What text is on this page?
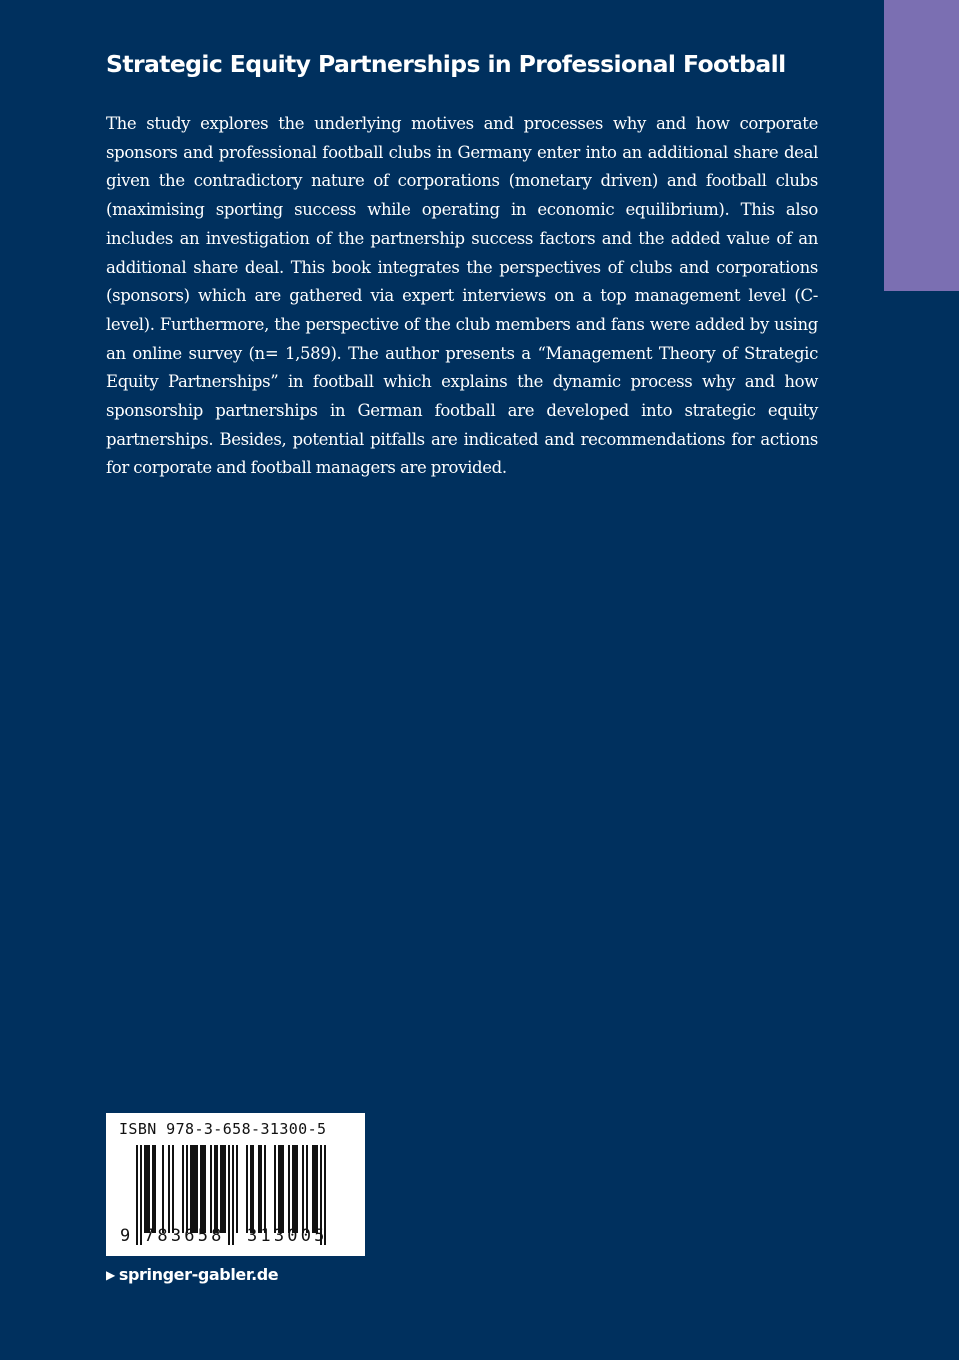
Strategic Equity Partnerships in Professional Football

The study explores the underlying motives and processes why and how corporate sponsors and professional football clubs in Germany enter into an additional share deal given the contradictory nature of corporations (monetary driven) and football clubs (maximising sporting success while operating in economic equilibrium). This also includes an investigation of the partnership success factors and the added value of an additional share deal. This book integrates the perspectives of clubs and corporations (sponsors) which are gathered via expert interviews on a top management level (C-level). Furthermore, the perspective of the club members and fans were added by using an online survey (n= 1,589). The author presents a “Management Theory of Strategic Equity Partnerships” in football which explains the dynamic process why and how sponsorship partnerships in German football are developed into strategic equity partnerships. Besides, potential pitfalls are indicated and recommendations for actions for corporate and football managers are provided.

ISBN 978-3-658-31300-5
9 783658 313005
▶ springer-gabler.de
